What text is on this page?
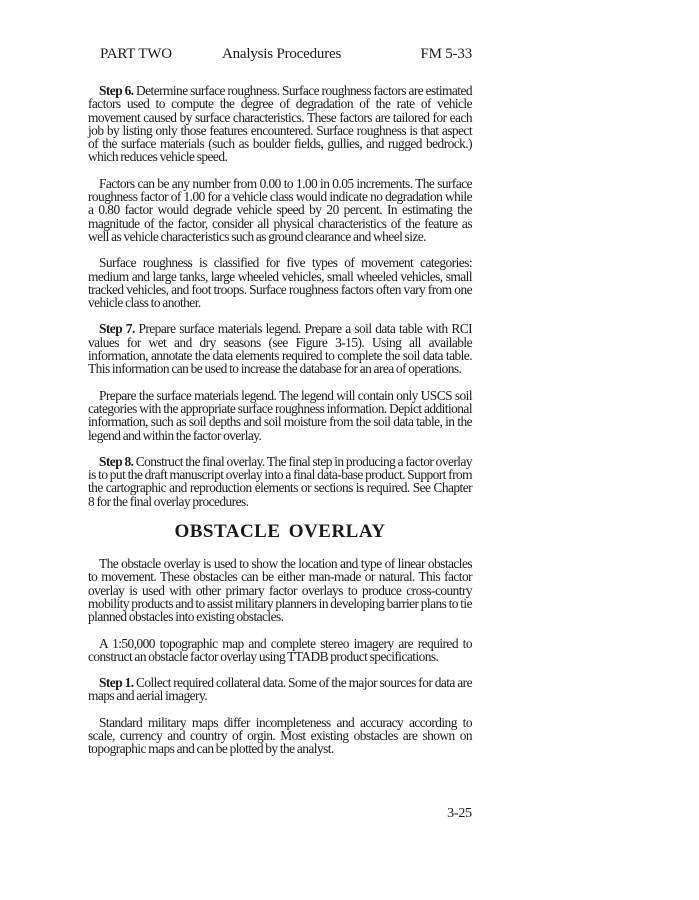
PART TWO	Analysis Procedures	FM 5-33

Step 6. Determine surface roughness. Surface roughness factors are estimated factors used to compute the degree of degradation of the rate of vehicle movement caused by surface characteristics. These factors are tailored for each job by listing only those features encountered. Surface roughness is that aspect of the surface materials (such as boulder fields, gullies, and rugged bedrock.) which reduces vehicle speed.

Factors can be any number from 0.00 to 1.00 in 0.05 increments. The surface roughness factor of 1.00 for a vehicle class would indicate no degradation while a 0.80 factor would degrade vehicle speed by 20 percent. In estimating the magnitude of the factor, consider all physical characteristics of the feature as well as vehicle characteristics such as ground clearance and wheel size.

Surface roughness is classified for five types of movement categories: medium and large tanks, large wheeled vehicles, small wheeled vehicles, small tracked vehicles, and foot troops. Surface roughness factors often vary from one vehicle class to another.

Step 7. Prepare surface materials legend. Prepare a soil data table with RCI values for wet and dry seasons (see Figure 3-15). Using all available information, annotate the data elements required to complete the soil data table. This information can be used to increase the database for an area of operations.

Prepare the surface materials legend. The legend will contain only USCS soil categories with the appropriate surface roughness information. Depict additional information, such as soil depths and soil moisture from the soil data table, in the legend and within the factor overlay.

Step 8. Construct the final overlay. The final step in producing a factor overlay is to put the draft manuscript overlay into a final data-base product. Support from the cartographic and reproduction elements or sections is required. See Chapter 8 for the final overlay procedures.

OBSTACLE OVERLAY

The obstacle overlay is used to show the location and type of linear obstacles to movement. These obstacles can be either man-made or natural. This factor overlay is used with other primary factor overlays to produce cross-country mobility products and to assist military planners in developing barrier plans to tie planned obstacles into existing obstacles.

A 1:50,000 topographic map and complete stereo imagery are required to construct an obstacle factor overlay using TTADB product specifications.

Step 1. Collect required collateral data. Some of the major sources for data are maps and aerial imagery.

Standard military maps differ incompleteness and accuracy according to scale, currency and country of orgin. Most existing obstacles are shown on topographic maps and can be plotted by the analyst.

3-25
